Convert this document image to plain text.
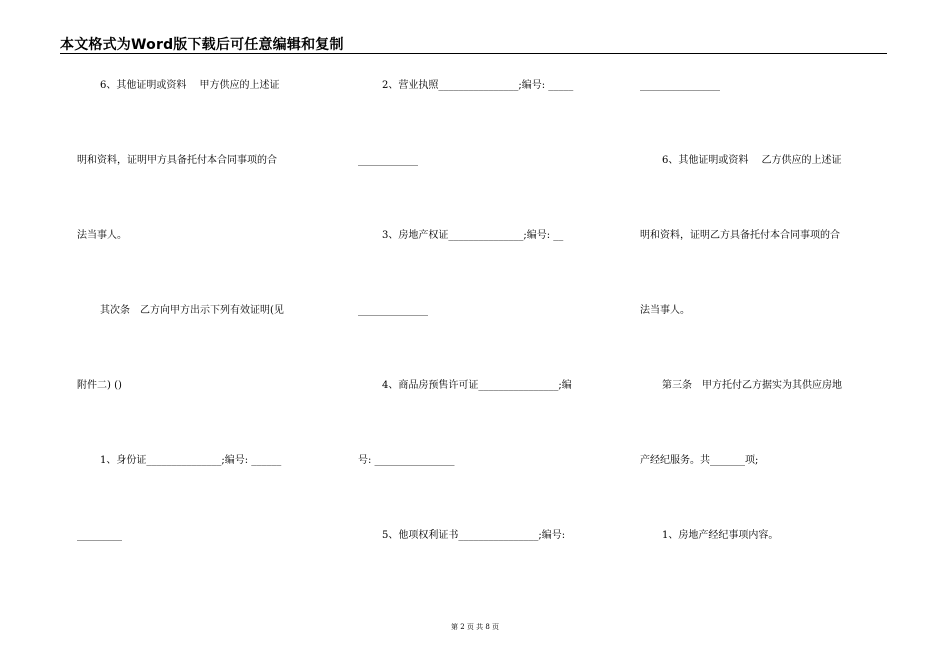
本文格式为Word版下载后可任意编辑和复制
6、其他证明或资料　 甲方供应的上述证
明和资料，证明甲方具备托付本合同事项的合
法当事人。
其次条　乙方向甲方出示下列有效证明(见
附件二) ()
1、身份证_______________;编号: ______
_________
2、营业执照________________;编号: _____
____________
3、房地产权证_______________;编号: __
______________
4、商品房预售许可证________________;编
号: ________________
5、他项权利证书________________;编号:
________________
6、其他证明或资料　 乙方供应的上述证
明和资料，证明乙方具备托付本合同事项的合
法当事人。
第三条　甲方托付乙方据实为其供应房地
产经纪服务。共_______项;
1、房地产经纪事项内容。
第 2 页 共 8 页
